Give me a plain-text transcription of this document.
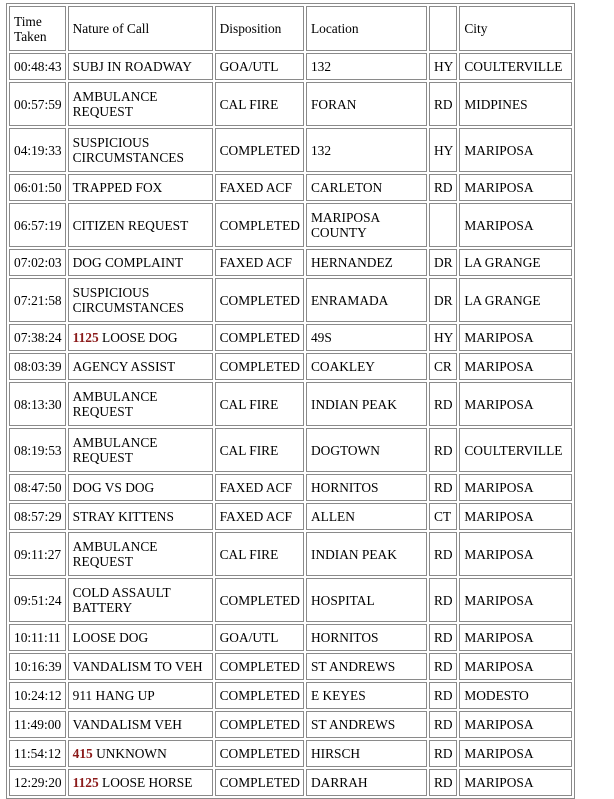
Time Taken	Nature of Call	Disposition	Location		City
00:48:43	SUBJ IN ROADWAY	GOA/UTL	132	HY	COULTERVILLE
00:57:59	AMBULANCE REQUEST	CAL FIRE	FORAN	RD	MIDPINES
04:19:33	SUSPICIOUS CIRCUMSTANCES	COMPLETED	132	HY	MARIPOSA
06:01:50	TRAPPED FOX	FAXED ACF	CARLETON	RD	MARIPOSA
06:57:19	CITIZEN REQUEST	COMPLETED	MARIPOSA COUNTY		MARIPOSA
07:02:03	DOG COMPLAINT	FAXED ACF	HERNANDEZ	DR	LA GRANGE
07:21:58	SUSPICIOUS CIRCUMSTANCES	COMPLETED	ENRAMADA	DR	LA GRANGE
07:38:24	1125 LOOSE DOG	COMPLETED	49S	HY	MARIPOSA
08:03:39	AGENCY ASSIST	COMPLETED	COAKLEY	CR	MARIPOSA
08:13:30	AMBULANCE REQUEST	CAL FIRE	INDIAN PEAK	RD	MARIPOSA
08:19:53	AMBULANCE REQUEST	CAL FIRE	DOGTOWN	RD	COULTERVILLE
08:47:50	DOG VS DOG	FAXED ACF	HORNITOS	RD	MARIPOSA
08:57:29	STRAY KITTENS	FAXED ACF	ALLEN	CT	MARIPOSA
09:11:27	AMBULANCE REQUEST	CAL FIRE	INDIAN PEAK	RD	MARIPOSA
09:51:24	COLD ASSAULT BATTERY	COMPLETED	HOSPITAL	RD	MARIPOSA
10:11:11	LOOSE DOG	GOA/UTL	HORNITOS	RD	MARIPOSA
10:16:39	VANDALISM TO VEH	COMPLETED	ST ANDREWS	RD	MARIPOSA
10:24:12	911 HANG UP	COMPLETED	E KEYES	RD	MODESTO
11:49:00	VANDALISM VEH	COMPLETED	ST ANDREWS	RD	MARIPOSA
11:54:12	415 UNKNOWN	COMPLETED	HIRSCH	RD	MARIPOSA
12:29:20	1125 LOOSE HORSE	COMPLETED	DARRAH	RD	MARIPOSA
